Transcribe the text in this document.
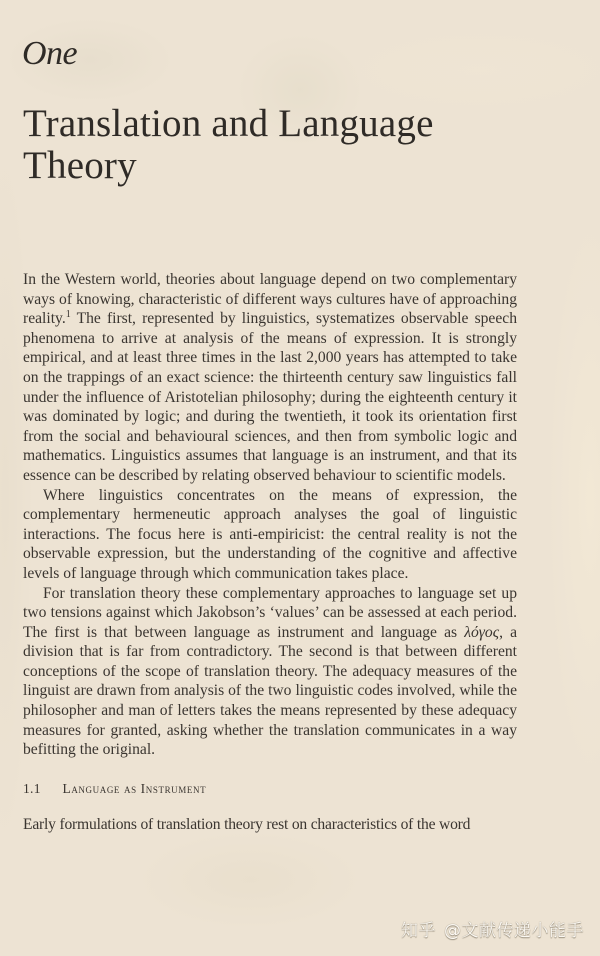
One
Translation and Language
Theory

In the Western world, theories about language depend on two complementary ways of knowing, characteristic of different ways cultures have of approaching reality.$^1$ The first, represented by linguistics, systematizes observable speech phenomena to arrive at analysis of the means of expression. It is strongly empirical, and at least three times in the last 2,000 years has attempted to take on the trappings of an exact science: the thirteenth century saw linguistics fall under the influence of Aristotelian philosophy; during the eighteenth century it was dominated by logic; and during the twentieth, it took its orientation first from the social and behavioural sciences, and then from symbolic logic and mathematics. Linguistics assumes that language is an instrument, and that its essence can be described by relating observed behaviour to scientific models.

Where linguistics concentrates on the means of expression, the complementary hermeneutic approach analyses the goal of linguistic interactions. The focus here is anti-empiricist: the central reality is not the observable expression, but the understanding of the cognitive and affective levels of language through which communication takes place.

For translation theory these complementary approaches to language set up two tensions against which Jakobson’s ‘values’ can be assessed at each period. The first is that between language as instrument and language as λόγος, a division that is far from contradictory. The second is that between different conceptions of the scope of translation theory. The adequacy measures of the linguist are drawn from analysis of the two linguistic codes involved, while the philosopher and man of letters takes the means represented by these adequacy measures for granted, asking whether the translation communicates in a way befitting the original.

1.1 Language as Instrument
Early formulations of translation theory rest on characteristics of the word
知乎 @文献传递小能手
